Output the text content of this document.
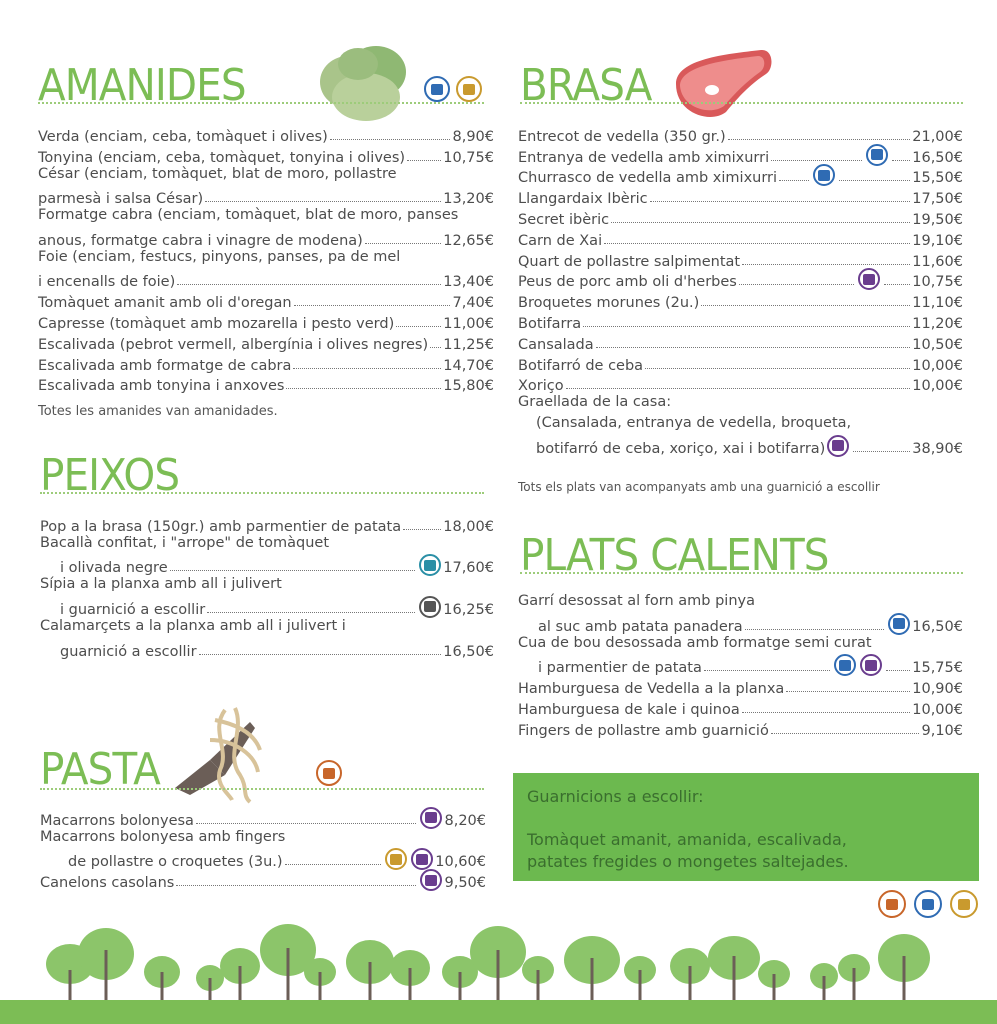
AMANIDES
Verda (enciam, ceba, tomàquet i olives)	8,90€
Tonyina (enciam, ceba, tomàquet, tonyina i olives)	10,75€
César (enciam, tomàquet, blat de moro, pollastre
parmesà i salsa César)	13,20€
Formatge cabra (enciam, tomàquet, blat de moro, panses
anous, formatge cabra i vinagre de modena)	12,65€
Foie (enciam, festucs, pinyons, panses, pa de mel
i encenalls de foie)	13,40€
Tomàquet amanit amb oli d'oregan	7,40€
Capresse (tomàquet amb mozarella i pesto verd)	11,00€
Escalivada (pebrot vermell, albergínia i olives negres) 11,25€
Escalivada amb formatge de cabra	14,70€
Escalivada amb tonyina i anxoves	15,80€
Totes les amanides van amanidades.
PEIXOS
Pop a la brasa (150gr.) amb parmentier de patata	18,00€
Bacallà confitat, i "arrope" de tomàquet
i olivada negre	17,60€
Sípia a la planxa amb all i julivert
i guarnició a escollir	16,25€
Calamarçets a la planxa amb all i julivert i
guarnició a escollir	16,50€
PASTA
Macarrons bolonyesa	8,20€
Macarrons bolonyesa amb fingers
de pollastre o croquetes (3u.)	10,60€
Canelons casolans	9,50€
BRASA
Entrecot de vedella (350 gr.)	21,00€
Entranya de vedella amb ximixurri	16,50€
Churrasco de vedella amb ximixurri	15,50€
Llangardaix Ibèric	17,50€
Secret ibèric	19,50€
Carn de Xai	19,10€
Quart de pollastre salpimentat	11,60€
Peus de porc amb oli d'herbes	10,75€
Broquetes morunes (2u.)	11,10€
Botifarra	11,20€
Cansalada	10,50€
Botifarró de ceba	10,00€
Xoriço	10,00€
Graellada de la casa:
(Cansalada, entranya de vedella, broqueta,
botifarró de ceba, xoriço, xai i botifarra)	38,90€
Tots els plats van acompanyats amb una guarnició a escollir
PLATS CALENTS
Garrí desossat al forn amb pinya
al suc amb patata panadera	16,50€
Cua de bou desossada amb formatge semi curat
i parmentier de patata	15,75€
Hamburguesa de Vedella a la planxa	10,90€
Hamburguesa de kale i quinoa	10,00€
Fingers de pollastre amb guarnició	9,10€
Guarnicions a escollir:
Tomàquet amanit, amanida, escalivada,
patates fregides o mongetes saltejades.
